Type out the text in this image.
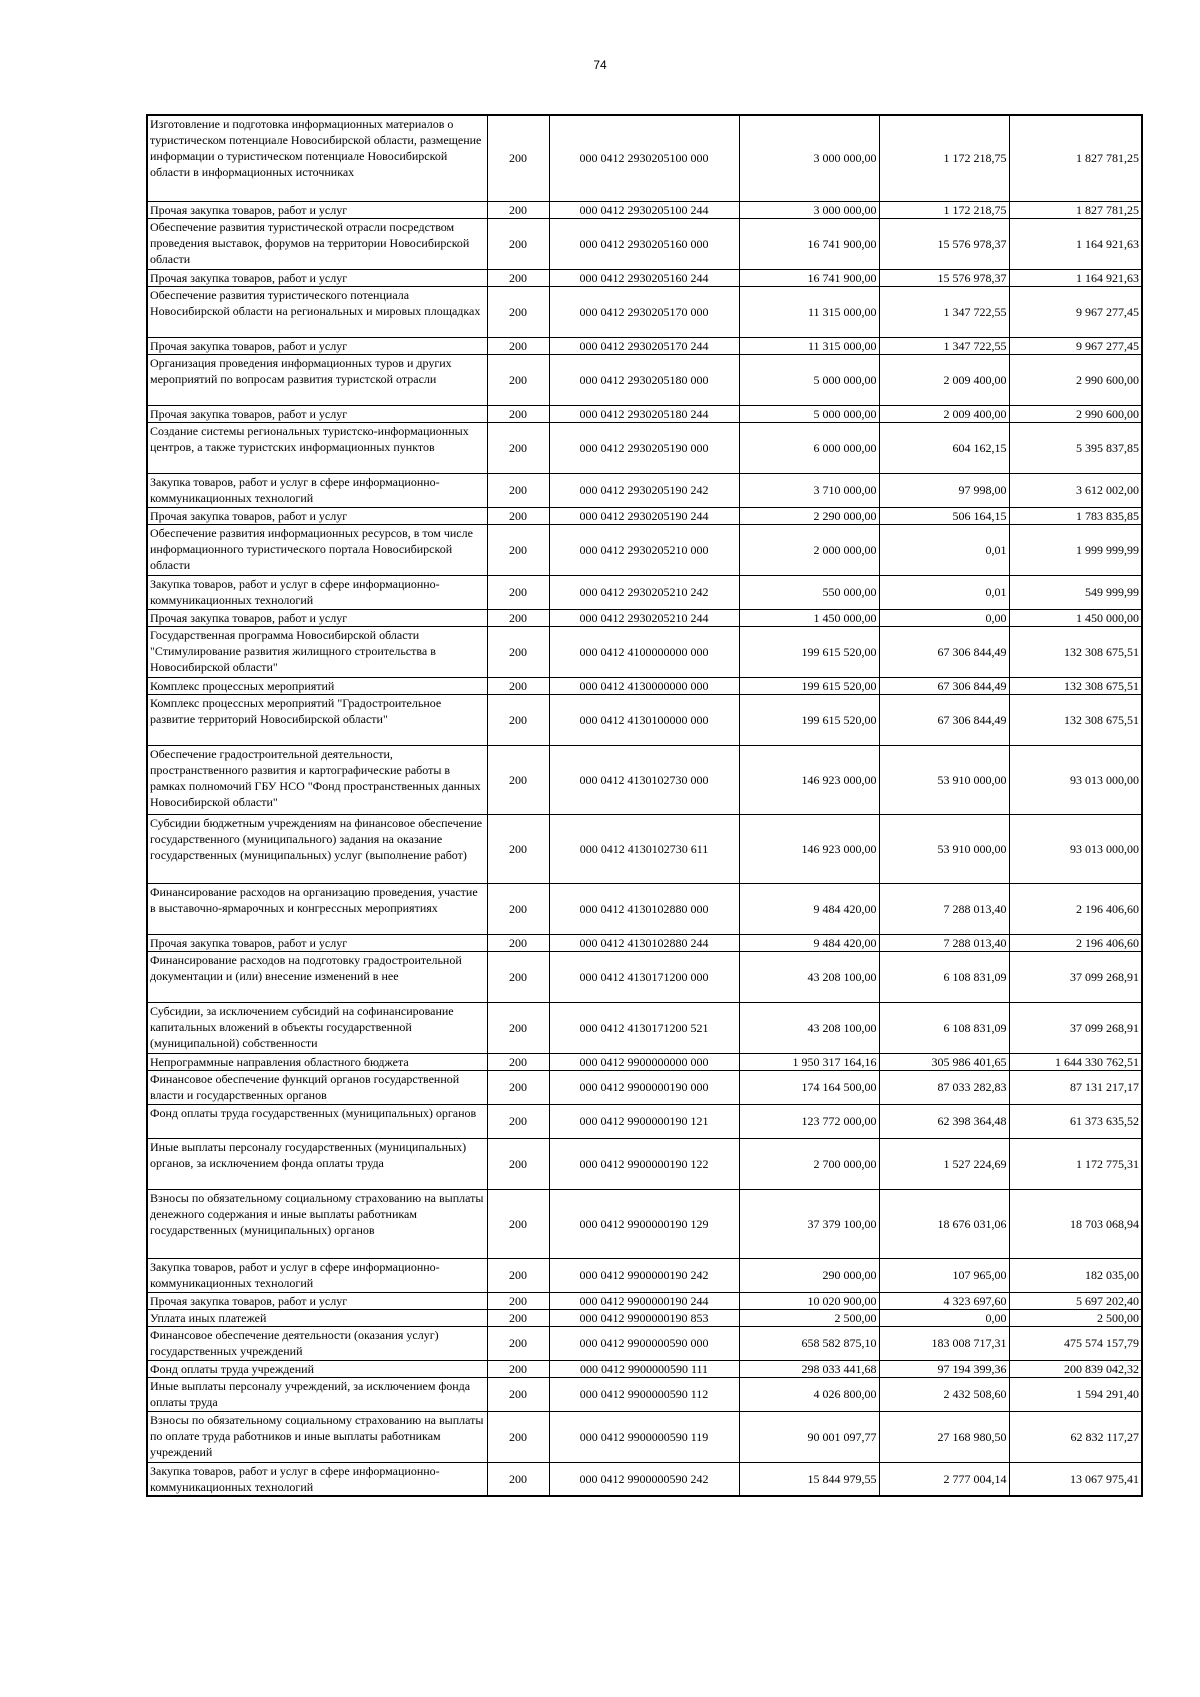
74
Изготовление и подготовка информационных материалов о туристическом потенциале Новосибирской области, размещение информации о туристическом потенциале Новосибирской области в информационных источниках	200	000 0412 2930205100 000	3 000 000,00	1 172 218,75	1 827 781,25
Прочая закупка товаров, работ и услуг	200	000 0412 2930205100 244	3 000 000,00	1 172 218,75	1 827 781,25
Обеспечение развития туристической отрасли посредством проведения выставок, форумов на территории Новосибирской области	200	000 0412 2930205160 000	16 741 900,00	15 576 978,37	1 164 921,63
Прочая закупка товаров, работ и услуг	200	000 0412 2930205160 244	16 741 900,00	15 576 978,37	1 164 921,63
Обеспечение развития туристического потенциала Новосибирской области на региональных и мировых площадках	200	000 0412 2930205170 000	11 315 000,00	1 347 722,55	9 967 277,45
Прочая закупка товаров, работ и услуг	200	000 0412 2930205170 244	11 315 000,00	1 347 722,55	9 967 277,45
Организация проведения информационных туров и других мероприятий по вопросам развития туристской отрасли	200	000 0412 2930205180 000	5 000 000,00	2 009 400,00	2 990 600,00
Прочая закупка товаров, работ и услуг	200	000 0412 2930205180 244	5 000 000,00	2 009 400,00	2 990 600,00
Создание системы региональных туристско-информационных центров, а также туристских информационных пунктов	200	000 0412 2930205190 000	6 000 000,00	604 162,15	5 395 837,85
Закупка товаров, работ и услуг в сфере информационно-коммуникационных технологий	200	000 0412 2930205190 242	3 710 000,00	97 998,00	3 612 002,00
Прочая закупка товаров, работ и услуг	200	000 0412 2930205190 244	2 290 000,00	506 164,15	1 783 835,85
Обеспечение развития информационных ресурсов, в том числе информационного туристического портала Новосибирской области	200	000 0412 2930205210 000	2 000 000,00	0,01	1 999 999,99
Закупка товаров, работ и услуг в сфере информационно-коммуникационных технологий	200	000 0412 2930205210 242	550 000,00	0,01	549 999,99
Прочая закупка товаров, работ и услуг	200	000 0412 2930205210 244	1 450 000,00	0,00	1 450 000,00
Государственная программа Новосибирской области "Стимулирование развития жилищного строительства в Новосибирской области"	200	000 0412 4100000000 000	199 615 520,00	67 306 844,49	132 308 675,51
Комплекс процессных мероприятий	200	000 0412 4130000000 000	199 615 520,00	67 306 844,49	132 308 675,51
Комплекс процессных мероприятий "Градостроительное развитие территорий Новосибирской области"	200	000 0412 4130100000 000	199 615 520,00	67 306 844,49	132 308 675,51
Обеспечение градостроительной деятельности, пространственного развития и картографические работы в рамках полномочий ГБУ НСО "Фонд пространственных данных Новосибирской области"	200	000 0412 4130102730 000	146 923 000,00	53 910 000,00	93 013 000,00
Субсидии бюджетным учреждениям на финансовое обеспечение государственного (муниципального) задания на оказание государственных (муниципальных) услуг (выполнение работ)	200	000 0412 4130102730 611	146 923 000,00	53 910 000,00	93 013 000,00
Финансирование расходов на организацию проведения, участие в выставочно-ярмарочных и конгрессных мероприятиях	200	000 0412 4130102880 000	9 484 420,00	7 288 013,40	2 196 406,60
Прочая закупка товаров, работ и услуг	200	000 0412 4130102880 244	9 484 420,00	7 288 013,40	2 196 406,60
Финансирование расходов на подготовку градостроительной документации и (или) внесение изменений в нее	200	000 0412 4130171200 000	43 208 100,00	6 108 831,09	37 099 268,91
Субсидии, за исключением субсидий на софинансирование капитальных вложений в объекты государственной (муниципальной) собственности	200	000 0412 4130171200 521	43 208 100,00	6 108 831,09	37 099 268,91
Непрограммные направления областного бюджета	200	000 0412 9900000000 000	1 950 317 164,16	305 986 401,65	1 644 330 762,51
Финансовое обеспечение функций органов государственной власти и государственных органов	200	000 0412 9900000190 000	174 164 500,00	87 033 282,83	87 131 217,17
Фонд оплаты труда государственных (муниципальных) органов	200	000 0412 9900000190 121	123 772 000,00	62 398 364,48	61 373 635,52
Иные выплаты персоналу государственных (муниципальных) органов, за исключением фонда оплаты труда	200	000 0412 9900000190 122	2 700 000,00	1 527 224,69	1 172 775,31
Взносы по обязательному социальному страхованию на выплаты денежного содержания и иные выплаты работникам государственных (муниципальных) органов	200	000 0412 9900000190 129	37 379 100,00	18 676 031,06	18 703 068,94
Закупка товаров, работ и услуг в сфере информационно-коммуникационных технологий	200	000 0412 9900000190 242	290 000,00	107 965,00	182 035,00
Прочая закупка товаров, работ и услуг	200	000 0412 9900000190 244	10 020 900,00	4 323 697,60	5 697 202,40
Уплата иных платежей	200	000 0412 9900000190 853	2 500,00	0,00	2 500,00
Финансовое обеспечение деятельности (оказания услуг) государственных учреждений	200	000 0412 9900000590 000	658 582 875,10	183 008 717,31	475 574 157,79
Фонд оплаты труда учреждений	200	000 0412 9900000590 111	298 033 441,68	97 194 399,36	200 839 042,32
Иные выплаты персоналу учреждений, за исключением фонда оплаты труда	200	000 0412 9900000590 112	4 026 800,00	2 432 508,60	1 594 291,40
Взносы по обязательному социальному страхованию на выплаты по оплате труда работников и иные выплаты работникам учреждений	200	000 0412 9900000590 119	90 001 097,77	27 168 980,50	62 832 117,27
Закупка товаров, работ и услуг в сфере информационно-коммуникационных технологий	200	000 0412 9900000590 242	15 844 979,55	2 777 004,14	13 067 975,41
